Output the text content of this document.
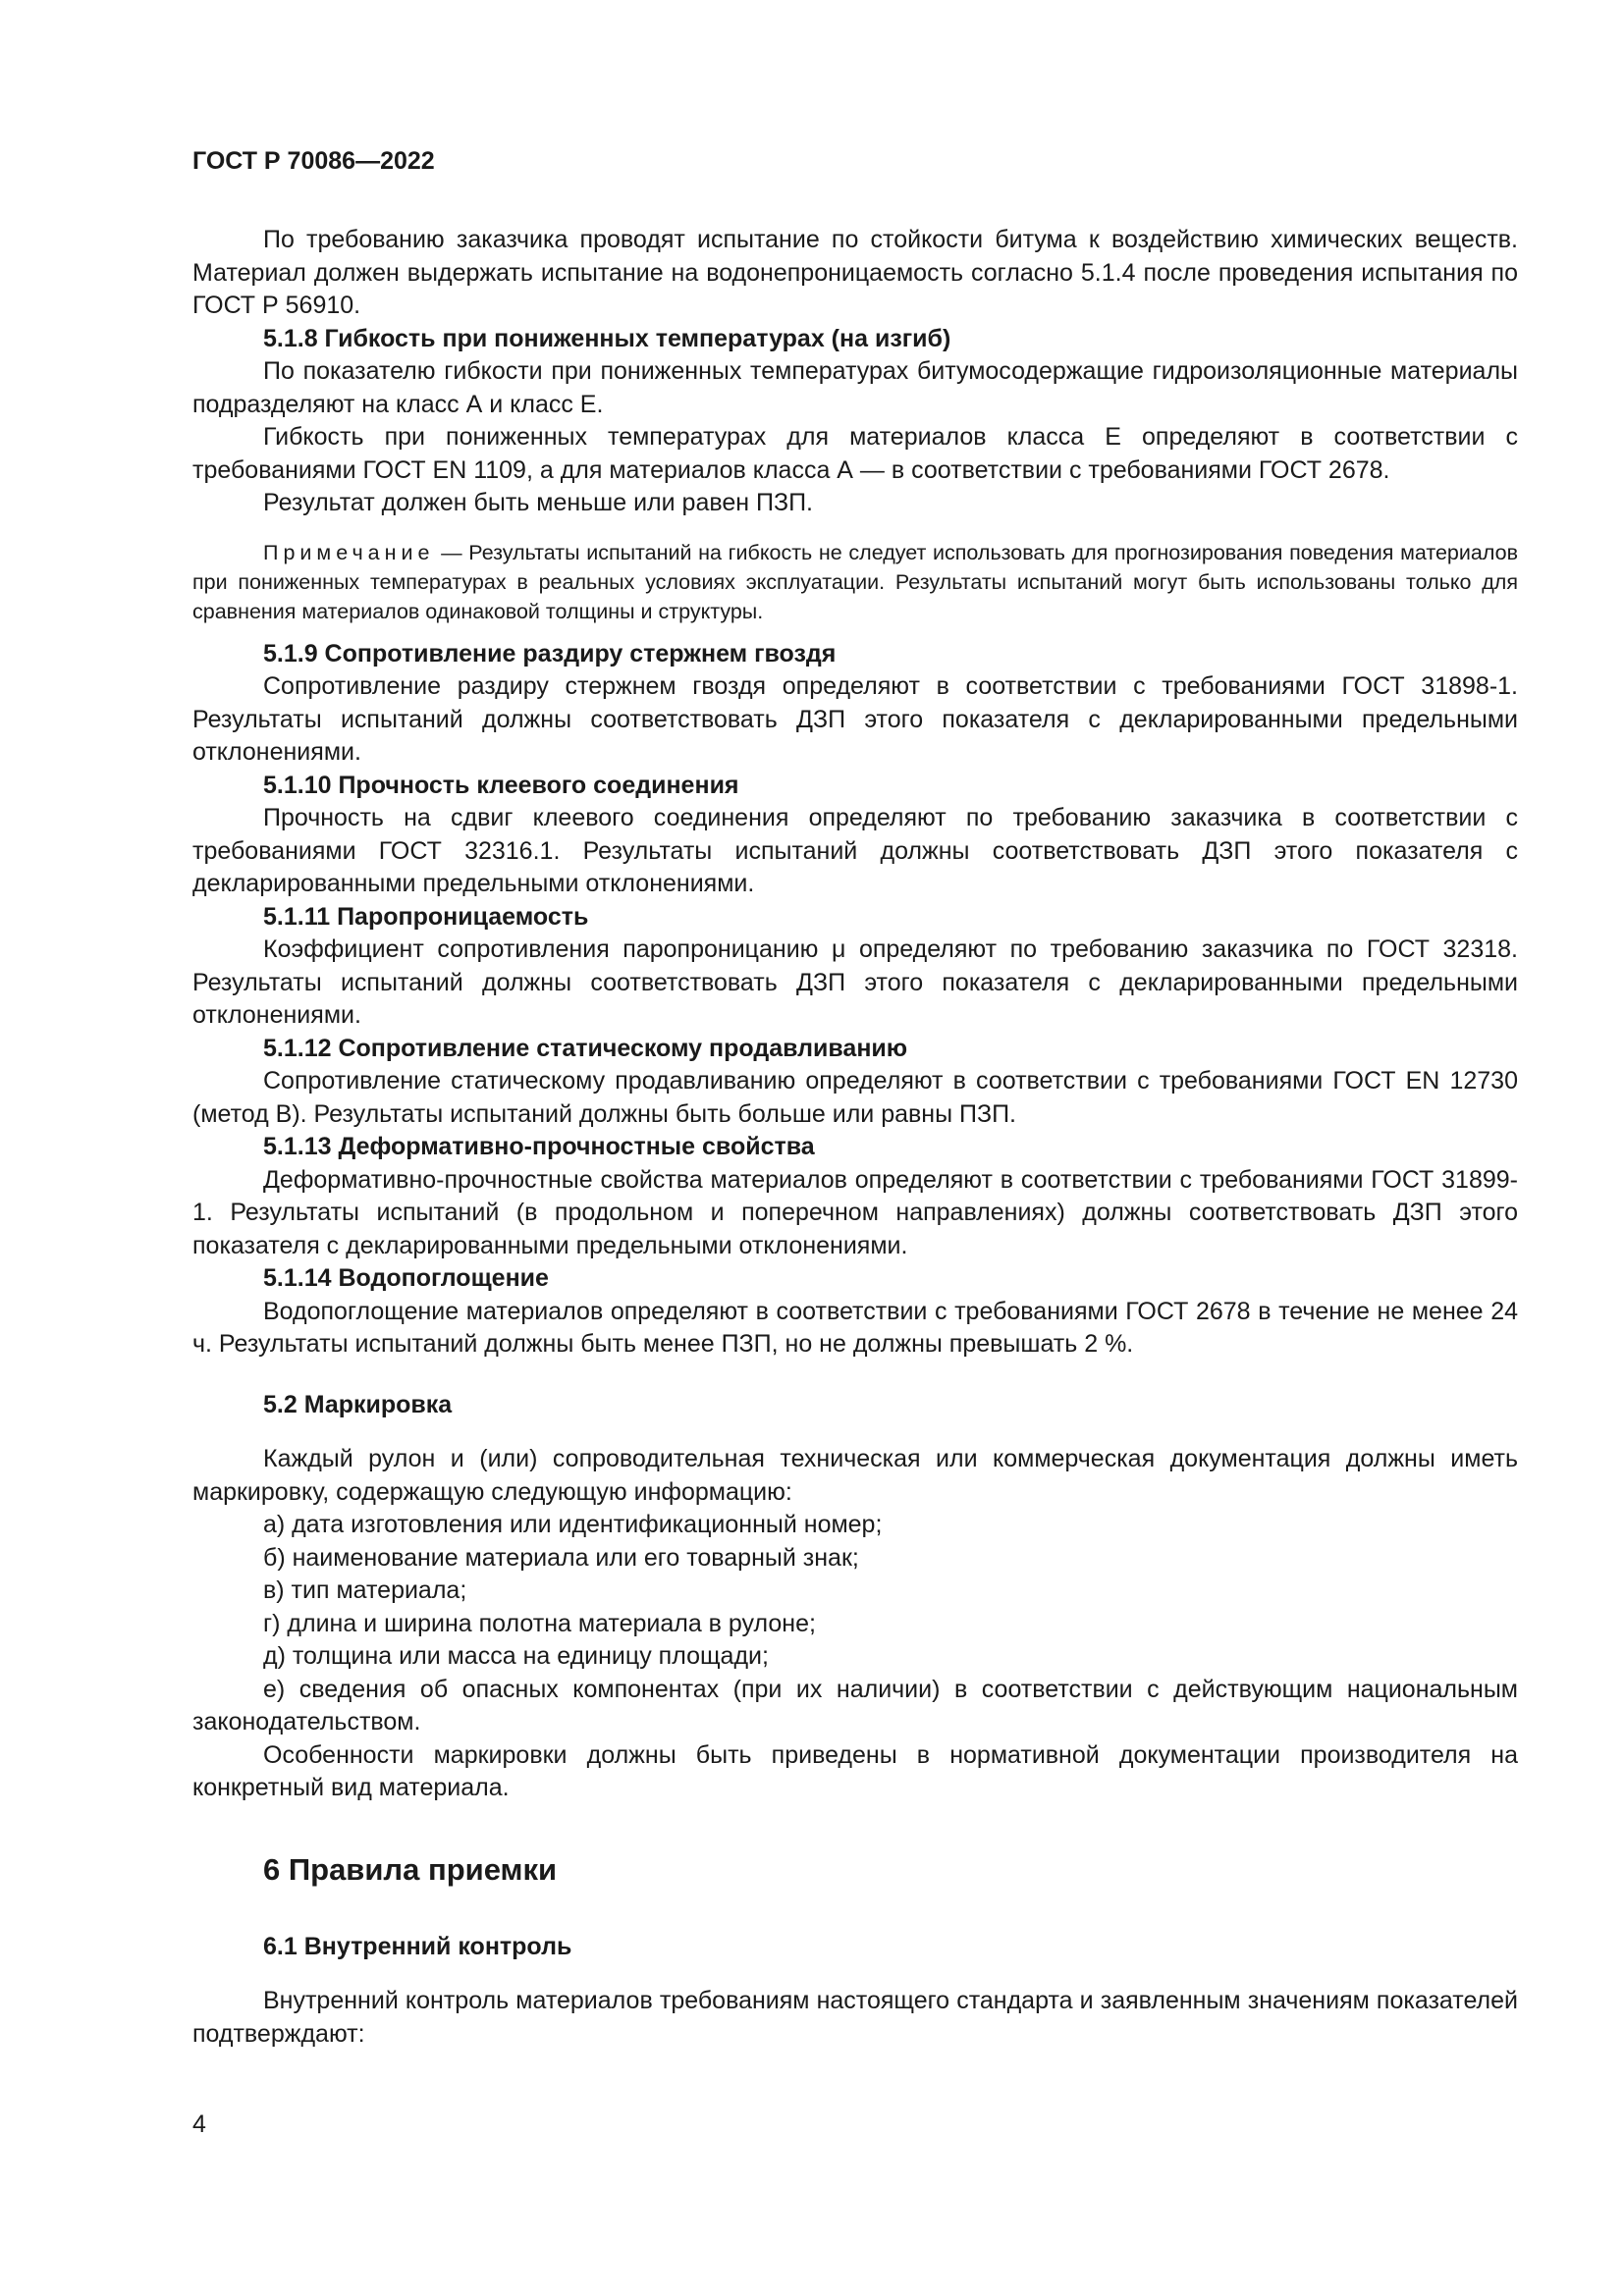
ГОСТ Р 70086—2022

По требованию заказчика проводят испытание по стойкости битума к воздействию химических веществ. Материал должен выдержать испытание на водонепроницаемость согласно 5.1.4 после проведения испытания по ГОСТ Р 56910.

5.1.8 Гибкость при пониженных температурах (на изгиб)

По показателю гибкости при пониженных температурах битумосодержащие гидроизоляционные материалы подразделяют на класс А и класс Е.

Гибкость при пониженных температурах для материалов класса Е определяют в соответствии с требованиями ГОСТ EN 1109, а для материалов класса А — в соответствии с требованиями ГОСТ 2678.

Результат должен быть меньше или равен ПЗП.

Примечание — Результаты испытаний на гибкость не следует использовать для прогнозирования поведения материалов при пониженных температурах в реальных условиях эксплуатации. Результаты испытаний могут быть использованы только для сравнения материалов одинаковой толщины и структуры.

5.1.9 Сопротивление раздиру стержнем гвоздя

Сопротивление раздиру стержнем гвоздя определяют в соответствии с требованиями ГОСТ 31898-1. Результаты испытаний должны соответствовать ДЗП этого показателя с декларированными предельными отклонениями.

5.1.10 Прочность клеевого соединения

Прочность на сдвиг клеевого соединения определяют по требованию заказчика в соответствии с требованиями ГОСТ 32316.1. Результаты испытаний должны соответствовать ДЗП этого показателя с декларированными предельными отклонениями.

5.1.11 Паропроницаемость

Коэффициент сопротивления паропроницанию μ определяют по требованию заказчика по ГОСТ 32318. Результаты испытаний должны соответствовать ДЗП этого показателя с декларированными предельными отклонениями.

5.1.12 Сопротивление статическому продавливанию

Сопротивление статическому продавливанию определяют в соответствии с требованиями ГОСТ EN 12730 (метод В). Результаты испытаний должны быть больше или равны ПЗП.

5.1.13 Деформативно-прочностные свойства

Деформативно-прочностные свойства материалов определяют в соответствии с требованиями ГОСТ 31899-1. Результаты испытаний (в продольном и поперечном направлениях) должны соответствовать ДЗП этого показателя с декларированными предельными отклонениями.

5.1.14 Водопоглощение

Водопоглощение материалов определяют в соответствии с требованиями ГОСТ 2678 в течение не менее 24 ч. Результаты испытаний должны быть менее ПЗП, но не должны превышать 2 %.

5.2 Маркировка

Каждый рулон и (или) сопроводительная техническая или коммерческая документация должны иметь маркировку, содержащую следующую информацию:

а) дата изготовления или идентификационный номер;

б) наименование материала или его товарный знак;

в) тип материала;

г) длина и ширина полотна материала в рулоне;

д) толщина или масса на единицу площади;

е) сведения об опасных компонентах (при их наличии) в соответствии с действующим национальным законодательством.

Особенности маркировки должны быть приведены в нормативной документации производителя на конкретный вид материала.

6 Правила приемки

6.1 Внутренний контроль

Внутренний контроль материалов требованиям настоящего стандарта и заявленным значениям показателей подтверждают:

4
